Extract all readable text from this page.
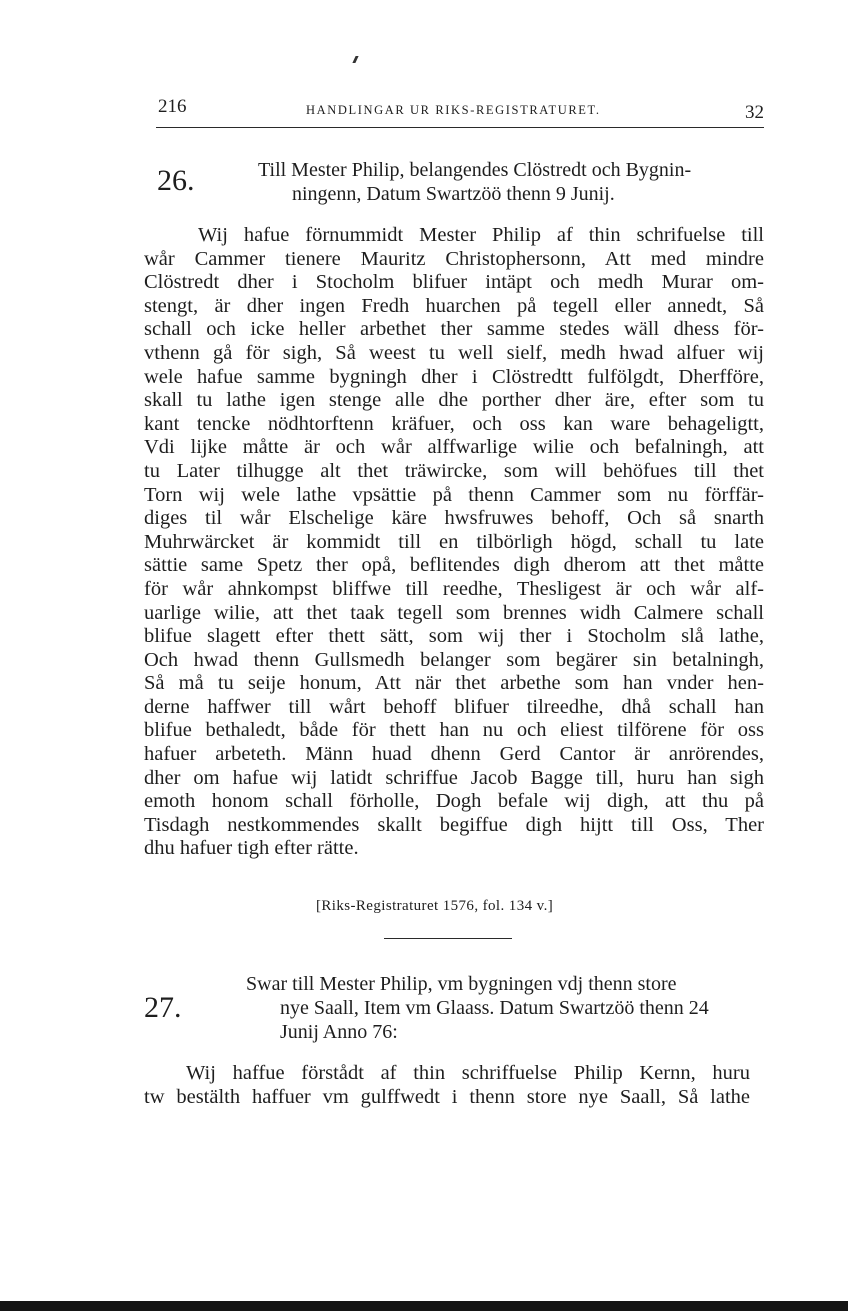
216	HANDLINGAR UR RIKS-REGISTRATURET.	32
26.	Till Mester Philip, belangendes Clöstredt och Bygnin-
ningenn, Datum Swartzöö thenn 9 Junij.
Wij hafue förnummidt Mester Philip af thin schrifuelse till
wår Cammer tienere Mauritz Christophersonn, Att med mindre
Clöstredt dher i Stocholm blifuer intäpt och medh Murar om-
stengt, är dher ingen Fredh huarchen på tegell eller annedt, Så
schall och icke heller arbethet ther samme stedes wäll dhess för-
vthenn gå för sigh, Så weest tu well sielf, medh hwad alfuer wij
wele hafue samme bygningh dher i Clöstredtt fulfölgdt, Dherfföre,
skall tu lathe igen stenge alle dhe porther dher äre, efter som tu
kant tencke nödhtorftenn kräfuer, och oss kan ware behageligtt,
Vdi lijke måtte är och wår alffwarlige wilie och befalningh, att
tu Later tilhugge alt thet träwircke, som will behöfues till thet
Torn wij wele lathe vpsättie på thenn Cammer som nu förffär-
diges til wår Elschelige käre hwsfruwes behoff, Och så snarth
Muhrwärcket är kommidt till en tilbörligh högd, schall tu late
sättie same Spetz ther opå, beflitendes digh dherom att thet måtte
för wår ahnkompst bliffwe till reedhe, Thesligest är och wår alf-
uarlige wilie, att thet taak tegell som brennes widh Calmere schall
blifue slagett efter thett sätt, som wij ther i Stocholm slå lathe,
Och hwad thenn Gullsmedh belanger som begärer sin betalningh,
Så må tu seije honum, Att när thet arbethe som han vnder hen-
derne haffwer till wårt behoff blifuer tilreedhe, dhå schall han
blifue bethaledt, både för thett han nu och eliest tilförene för oss
hafuer arbeteth. Männ huad dhenn Gerd Cantor är anrörendes,
dher om hafue wij latidt schriffue Jacob Bagge till, huru han sigh
emoth honom schall förholle, Dogh befale wij digh, att thu på
Tisdagh nestkommendes skallt begiffue digh hijtt till Oss, Ther
dhu hafuer tigh efter rätte.
[Riks-Registraturet 1576, fol. 134 v.]
27.
Swar till Mester Philip, vm bygningen vdj thenn store
nye Saall, Item vm Glaass. Datum Swartzöö thenn 24
Junij Anno 76:
Wij haffue förstådt af thin schriffuelse Philip Kernn, huru
tw bestälth haffuer vm gulffwedt i thenn store nye Saall, Så lathe
